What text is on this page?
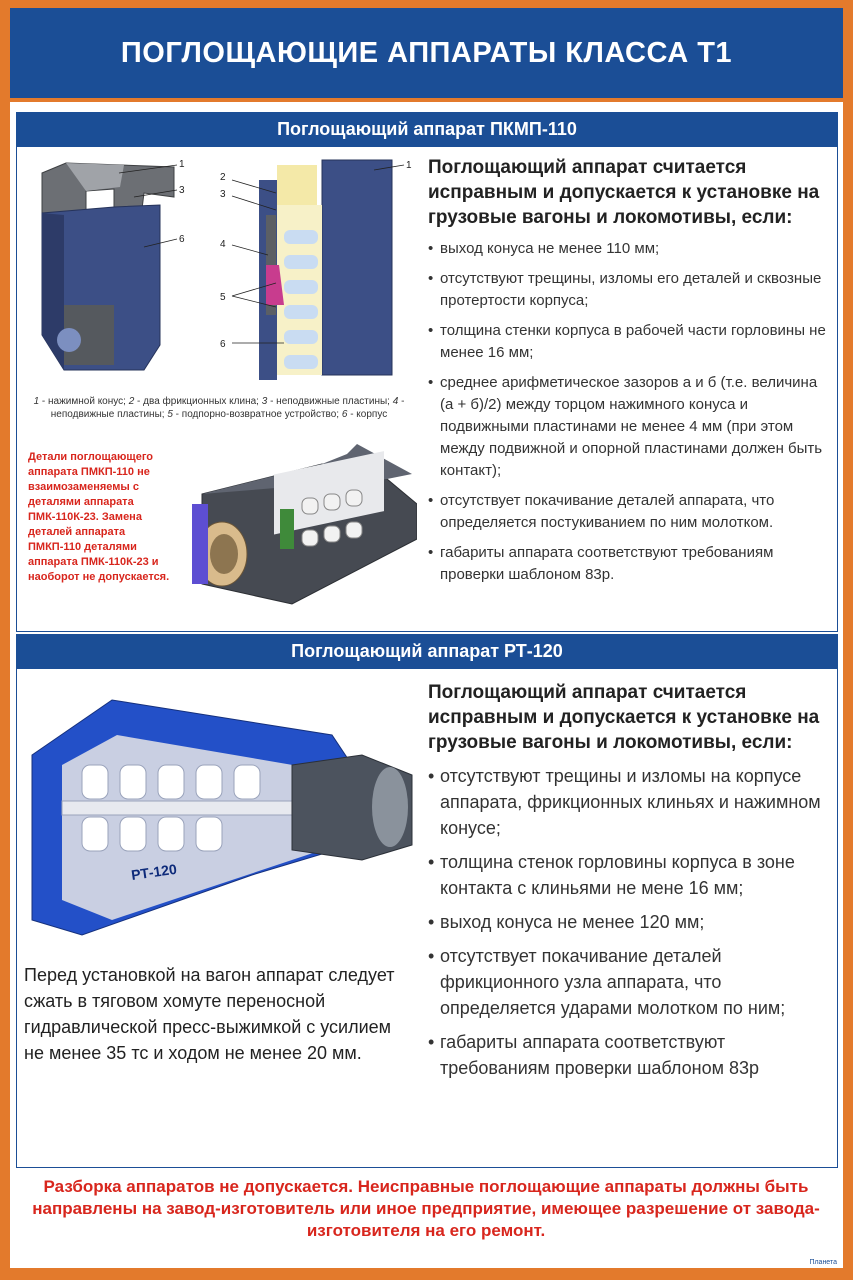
ПОГЛОЩАЮЩИЕ АППАРАТЫ КЛАССА Т1
Поглощающий аппарат ПКМП-110
1
3
6
2
3
1
4
5
6
1 - нажимной конус; 2 - два фрикционных клина; 3 - неподвижные пластины; 4 - неподвижные пластины; 5 - подпорно-возвратное устройство; 6 - корпус
Детали поглощающего аппарата ПМКП-110 не взаимозаменяемы с деталями аппарата ПМК-110К-23. Замена деталей аппарата ПМКП-110 деталями аппарата ПМК-110К-23 и наоборот не допускается.
Поглощающий аппарат считается исправным и допускается к установке на грузовые вагоны и локомотивы, если:
• выход конуса не менее 110 мм;
• отсутствуют трещины, изломы его деталей и сквозные протертости корпуса;
• толщина стенки корпуса в рабочей части горловины не менее 16 мм;
• среднее арифметическое зазоров а и б (т.е. величина (а + б)/2) между торцом нажимного конуса и подвижными пластинами не менее 4 мм (при этом между подвижной и опорной пластинами должен быть контакт);
• отсутствует покачивание деталей аппарата, что определяется постукиванием по ним молотком.
• габариты аппарата соответствуют требованиям проверки шаблоном 83р.
Поглощающий аппарат РТ-120
РТ-120
Перед установкой на вагон аппарат следует сжать в тяговом хомуте переносной гидравлической пресс-выжимкой с усилием не менее 35 тс и ходом не менее 20 мм.
Поглощающий аппарат считается исправным и допускается к установке на грузовые вагоны и локомотивы, если:
• отсутствуют трещины и изломы на корпусе аппарата, фрикционных клиньях и нажимном конусе;
• толщина стенок горловины корпуса в зоне контакта с клиньями не мене 16 мм;
• выход конуса не менее 120 мм;
• отсутствует покачивание деталей фрикционного узла аппарата, что определяется ударами молотком по ним;
• габариты аппарата соответствуют требованиям проверки шаблоном 83р
Разборка аппаратов не допускается. Неисправные поглощающие аппараты должны быть направлены на завод-изготовитель или иное предприятие, имеющее разрешение от завода-изготовителя на его ремонт.
Планета
